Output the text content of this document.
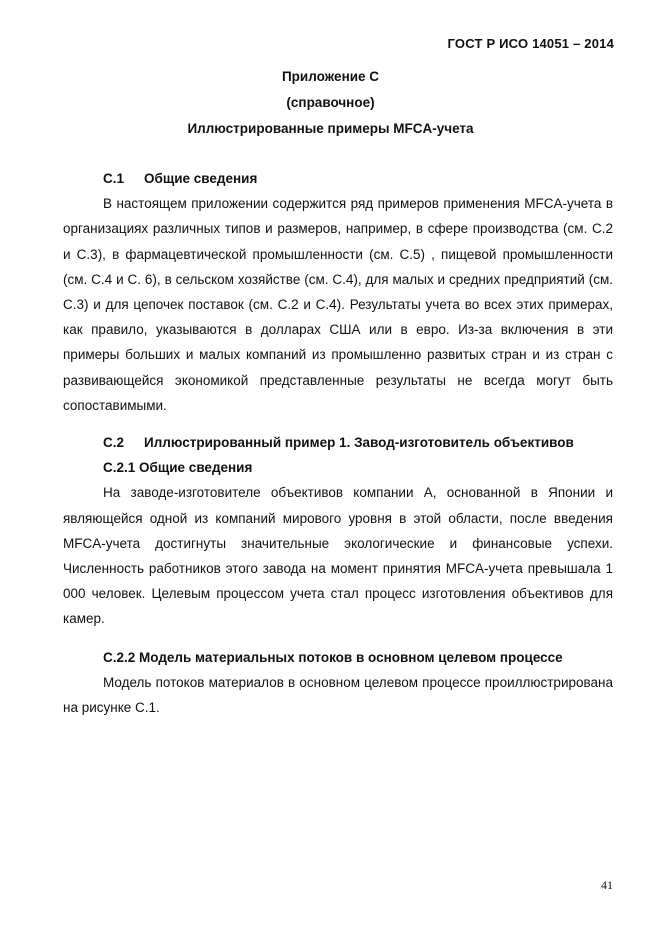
ГОСТ Р ИСО 14051 – 2014
Приложение С
(справочное)
Иллюстрированные примеры MFCA-учета
С.1 Общие сведения

В настоящем приложении содержится ряд примеров применения MFCA-учета в организациях различных типов и размеров, например, в сфере производства (см. С.2 и С.3), в фармацевтической промышленности (см. С.5) , пищевой промышленности (см. С.4 и С. 6), в сельском хозяйстве (см. С.4), для малых и средних предприятий (см. С.3) и для цепочек поставок (см. С.2 и С.4). Результаты учета во всех этих примерах, как правило, указываются в долларах США или в евро. Из-за включения в эти примеры больших и малых компаний из промышленно развитых стран и из стран с развивающейся экономикой представленные результаты не всегда могут быть сопоставимыми.

С.2 Иллюстрированный пример 1. Завод-изготовитель объективов
С.2.1 Общие сведения

На заводе-изготовителе объективов компании А, основанной в Японии и являющейся одной из компаний мирового уровня в этой области, после введения MFCA-учета достигнуты значительные экологические и финансовые успехи. Численность работников этого завода на момент принятия MFCA-учета превышала 1 000 человек. Целевым процессом учета стал процесс изготовления объективов для камер.

С.2.2 Модель материальных потоков в основном целевом процессе

Модель потоков материалов в основном целевом процессе проиллюстрирована на рисунке С.1.

41
